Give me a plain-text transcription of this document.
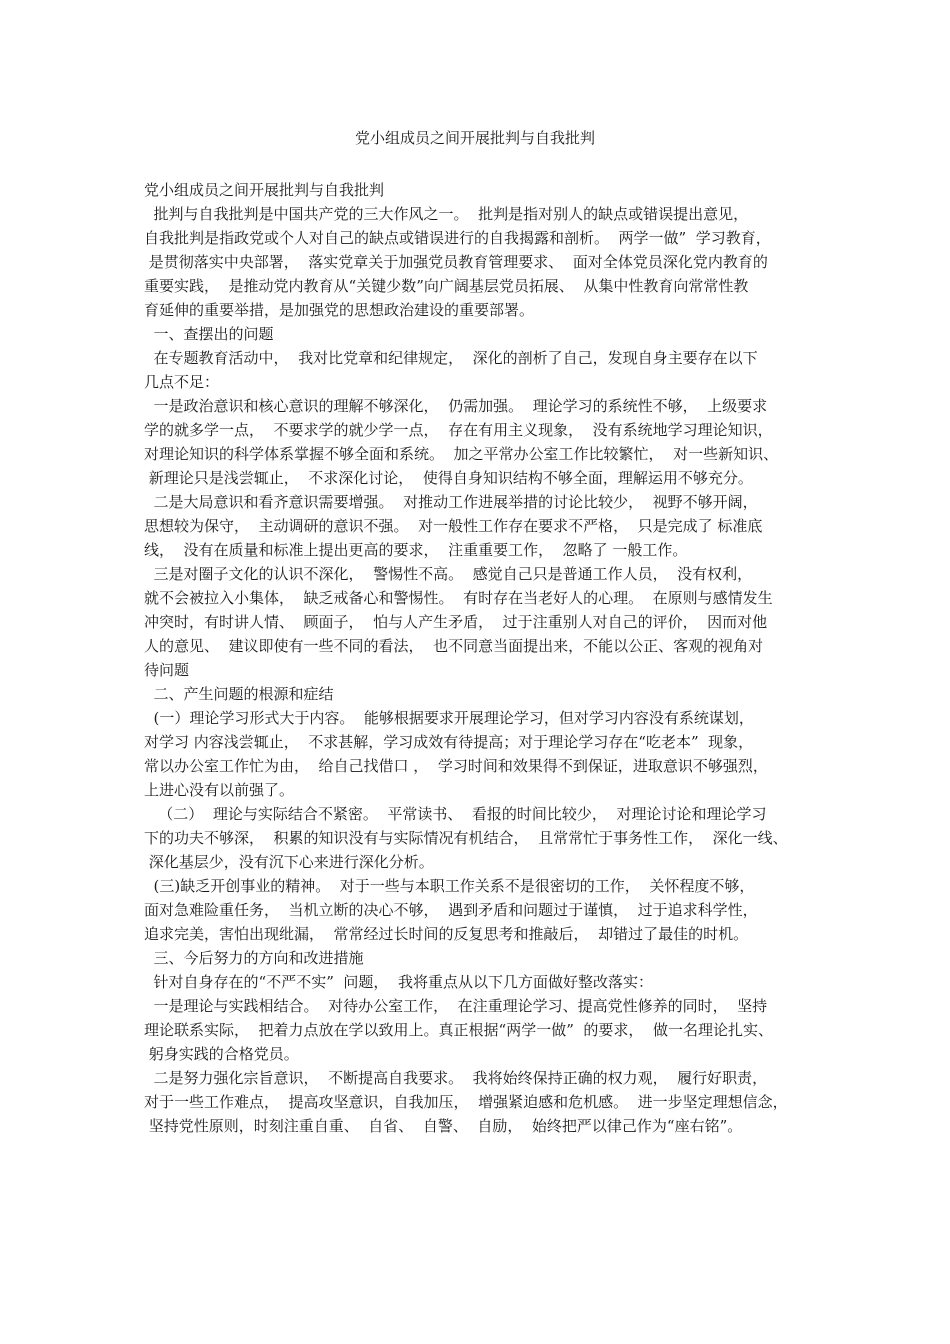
党小组成员之间开展批判与自我批判
党小组成员之间开展批判与自我批判
批判与自我批判是中国共产党的三大作风之一。  批判是指对别人的缺点或错误提出意见，
自我批判是指政党或个人对自己的缺点或错误进行的自我揭露和剖析。  两学一做”  学习教育，
是贯彻落实中央部署，  落实党章关于加强党员教育管理要求、  面对全体党员深化党内教育的
重要实践，  是推动党内教育从“关键少数”向广阔基层党员拓展、  从集中性教育向常常性教
育延伸的重要举措，是加强党的思想政治建设的重要部署。
一、查摆出的问题
在专题教育活动中，  我对比党章和纪律规定，  深化的剖析了自己，发现自身主要存在以下
几点不足：
一是政治意识和核心意识的理解不够深化，  仍需加强。  理论学习的系统性不够，  上级要求
学的就多学一点，  不要求学的就少学一点，  存在有用主义现象，  没有系统地学习理论知识，
对理论知识的科学体系掌握不够全面和系统。  加之平常办公室工作比较繁忙，  对一些新知识、
新理论只是浅尝辄止，  不求深化讨论，  使得自身知识结构不够全面，理解运用不够充分。
二是大局意识和看齐意识需要增强。  对推动工作进展举措的讨论比较少，  视野不够开阔，
思想较为保守，  主动调研的意识不强。  对一般性工作存在要求不严格，  只是完成了 标准底
线，  没有在质量和标准上提出更高的要求，  注重重要工作，  忽略了 一般工作。
三是对圈子文化的认识不深化，  警惕性不高。  感觉自己只是普通工作人员，  没有权利，
就不会被拉入小集体，  缺乏戒备心和警惕性。  有时存在当老好人的心理。  在原则与感情发生
冲突时，有时讲人情、  顾面子，  怕与人产生矛盾，  过于注重别人对自己的评价，  因而对他
人的意见、  建议即使有一些不同的看法，  也不同意当面提出来，不能以公正、客观的视角对
待问题
二、产生问题的根源和症结
(一）理论学习形式大于内容。  能够根据要求开展理论学习，但对学习内容没有系统谋划，
对学习 内容浅尝辄止，  不求甚解，学习成效有待提高；对于理论学习存在“吃老本”  现象，
常以办公室工作忙为由，  给自己找借口 ，  学习时间和效果得不到保证，进取意识不够强烈，
上进心没有以前强了。
（二）  理论与实际结合不紧密。  平常读书、  看报的时间比较少，  对理论讨论和理论学习
下的功夫不够深，  积累的知识没有与实际情况有机结合，  且常常忙于事务性工作，  深化一线、
深化基层少，没有沉下心来进行深化分析。
(三)缺乏开创事业的精神。  对于一些与本职工作关系不是很密切的工作，  关怀程度不够，
面对急难险重任务，  当机立断的决心不够，  遇到矛盾和问题过于谨慎，  过于追求科学性，
追求完美，害怕出现纰漏，  常常经过长时间的反复思考和推敲后，  却错过了最佳的时机。
三、今后努力的方向和改进措施
针对自身存在的“不严不实”  问题，  我将重点从以下几方面做好整改落实：
一是理论与实践相结合。  对待办公室工作，  在注重理论学习、提高党性修养的同时，  坚持
理论联系实际，  把着力点放在学以致用上。真正根据“两学一做”  的要求，  做一名理论扎实、
躬身实践的合格党员。
二是努力强化宗旨意识，  不断提高自我要求。  我将始终保持正确的权力观，  履行好职责，
对于一些工作难点，  提高攻坚意识，自我加压，  增强紧迫感和危机感。  进一步坚定理想信念，
坚持党性原则，时刻注重自重、  自省、  自警、  自励，  始终把严以律己作为“座右铭”。
